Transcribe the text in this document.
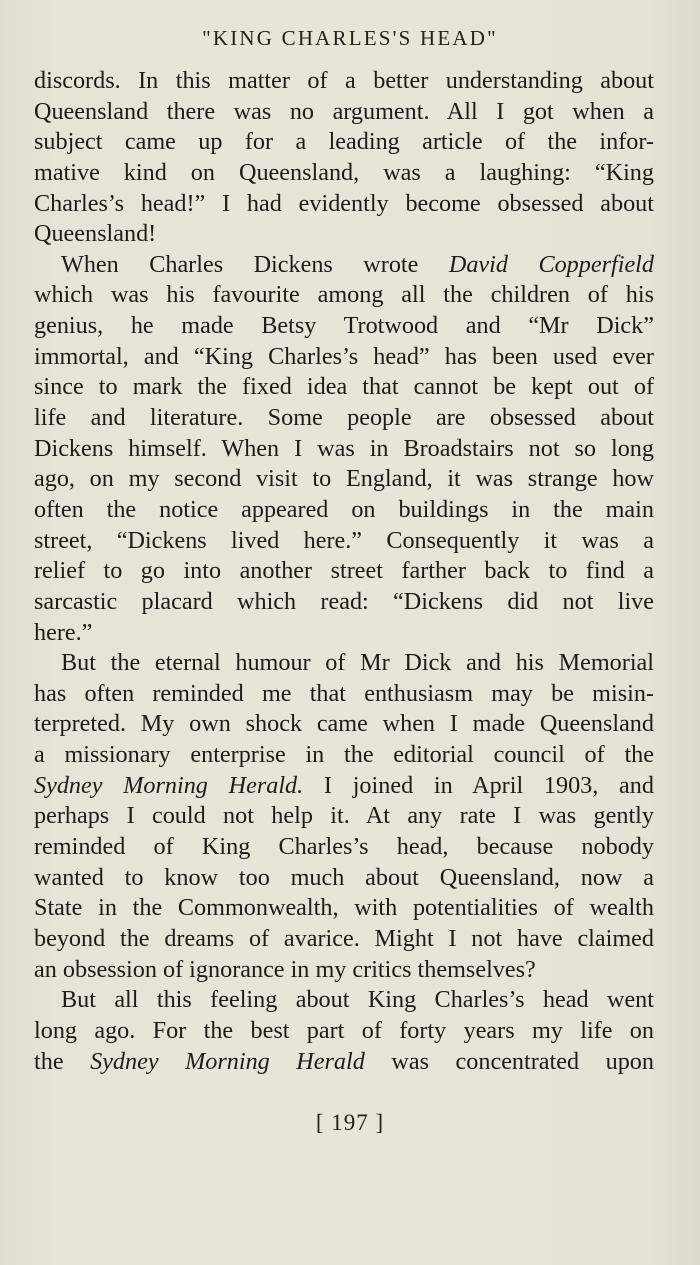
"KING CHARLES'S HEAD"
discords. In this matter of a better understanding about
Queensland there was no argument. All I got when a
subject came up for a leading article of the infor-
mative kind on Queensland, was a laughing: “King
Charles’s head!” I had evidently become obsessed about
Queensland!
When Charles Dickens wrote David Copperfield
which was his favourite among all the children of his
genius, he made Betsy Trotwood and “Mr Dick”
immortal, and “King Charles’s head” has been used ever
since to mark the fixed idea that cannot be kept out of
life and literature. Some people are obsessed about
Dickens himself. When I was in Broadstairs not so long
ago, on my second visit to England, it was strange how
often the notice appeared on buildings in the main
street, “Dickens lived here.” Consequently it was a
relief to go into another street farther back to find a
sarcastic placard which read: “Dickens did not live
here.”
But the eternal humour of Mr Dick and his Memorial
has often reminded me that enthusiasm may be misin-
terpreted. My own shock came when I made Queensland
a missionary enterprise in the editorial council of the
Sydney Morning Herald. I joined in April 1903, and
perhaps I could not help it. At any rate I was gently
reminded of King Charles’s head, because nobody
wanted to know too much about Queensland, now a
State in the Commonwealth, with potentialities of wealth
beyond the dreams of avarice. Might I not have claimed
an obsession of ignorance in my critics themselves?
But all this feeling about King Charles’s head went
long ago. For the best part of forty years my life on
the Sydney Morning Herald was concentrated upon
[ 197 ]
